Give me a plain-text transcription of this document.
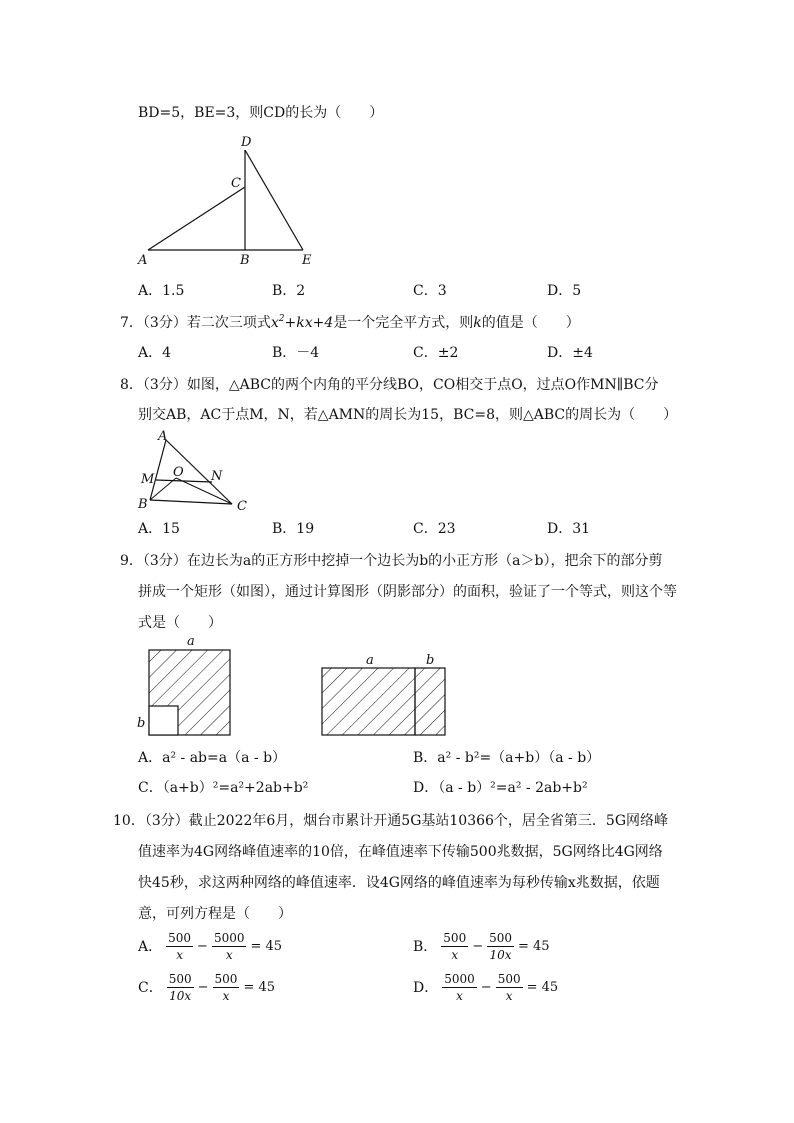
BD=5，BE=3，则CD的长为（　　）
D
C
A	B	E
A．1.5	B．2	C．3	D．5
7．（3分）若二次三项式$x^2+kx+4$是一个完全平方式，则k的值是（　　）
A．4	B．－4	C．±2	D．±4
8．（3分）如图，△ABC的两个内角的平分线BO，CO相交于点O，过点O作MN∥BC分
别交AB，AC于点M，N，若△AMN的周长为15，BC=8，则△ABC的周长为（　　）
A
M O N
B	C
A．15	B．19	C．23	D．31
9．（3分）在边长为a的正方形中挖掉一个边长为b的小正方形（a＞b），把余下的部分剪
拼成一个矩形（如图），通过计算图形（阴影部分）的面积，验证了一个等式，则这个等
式是（　　）
a
b
a	b
A．a² - ab=a（a - b）	B．a² - b²=（a+b）（a - b）
C．（a+b）²=a²+2ab+b²	D．（a - b）²=a² - 2ab+b²
10．（3分）截止2022年6月，烟台市累计开通5G基站10366个，居全省第三．5G网络峰
值速率为4G网络峰值速率的10倍，在峰值速率下传输500兆数据，5G网络比4G网络
快45秒，求这两种网络的峰值速率．设4G网络的峰值速率为每秒传输x兆数据，依题
意，可列方程是（　　）
A． $\frac{500}{x} - \frac{5000}{x} = 45$	B． $\frac{500}{x} - \frac{500}{10x} = 45$
C． $\frac{500}{10x} - \frac{500}{x} = 45$	D． $\frac{5000}{x} - \frac{500}{x} = 45$
